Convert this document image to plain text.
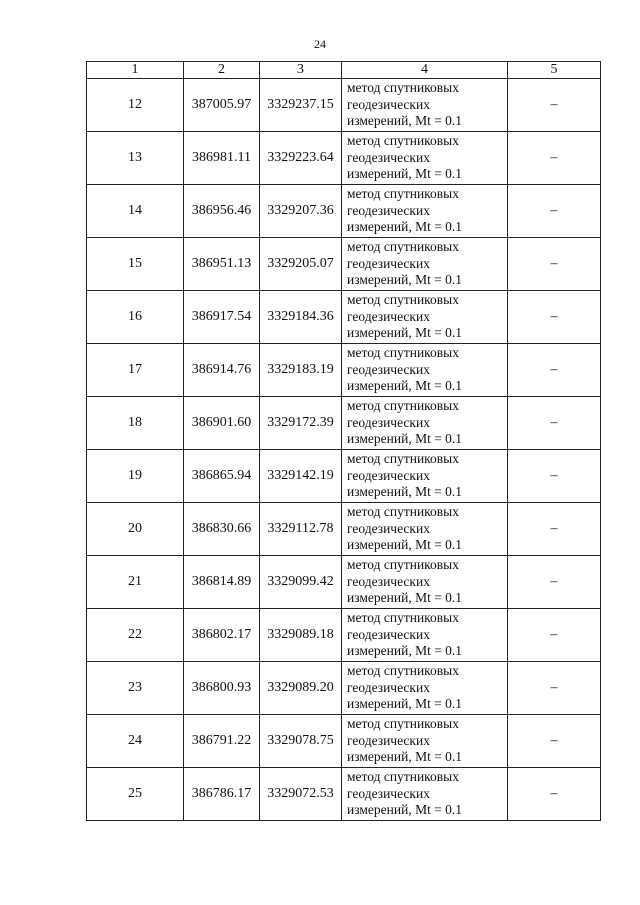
24
1	2	3	4	5
12	387005.97	3329237.15	метод спутниковых
геодезических
измерений, Mt = 0.1	–
13	386981.11	3329223.64	метод спутниковых
геодезических
измерений, Mt = 0.1	–
14	386956.46	3329207.36	метод спутниковых
геодезических
измерений, Mt = 0.1	–
15	386951.13	3329205.07	метод спутниковых
геодезических
измерений, Mt = 0.1	–
16	386917.54	3329184.36	метод спутниковых
геодезических
измерений, Mt = 0.1	–
17	386914.76	3329183.19	метод спутниковых
геодезических
измерений, Mt = 0.1	–
18	386901.60	3329172.39	метод спутниковых
геодезических
измерений, Mt = 0.1	–
19	386865.94	3329142.19	метод спутниковых
геодезических
измерений, Mt = 0.1	–
20	386830.66	3329112.78	метод спутниковых
геодезических
измерений, Mt = 0.1	–
21	386814.89	3329099.42	метод спутниковых
геодезических
измерений, Mt = 0.1	–
22	386802.17	3329089.18	метод спутниковых
геодезических
измерений, Mt = 0.1	–
23	386800.93	3329089.20	метод спутниковых
геодезических
измерений, Mt = 0.1	–
24	386791.22	3329078.75	метод спутниковых
геодезических
измерений, Mt = 0.1	–
25	386786.17	3329072.53	метод спутниковых
геодезических
измерений, Mt = 0.1	–
